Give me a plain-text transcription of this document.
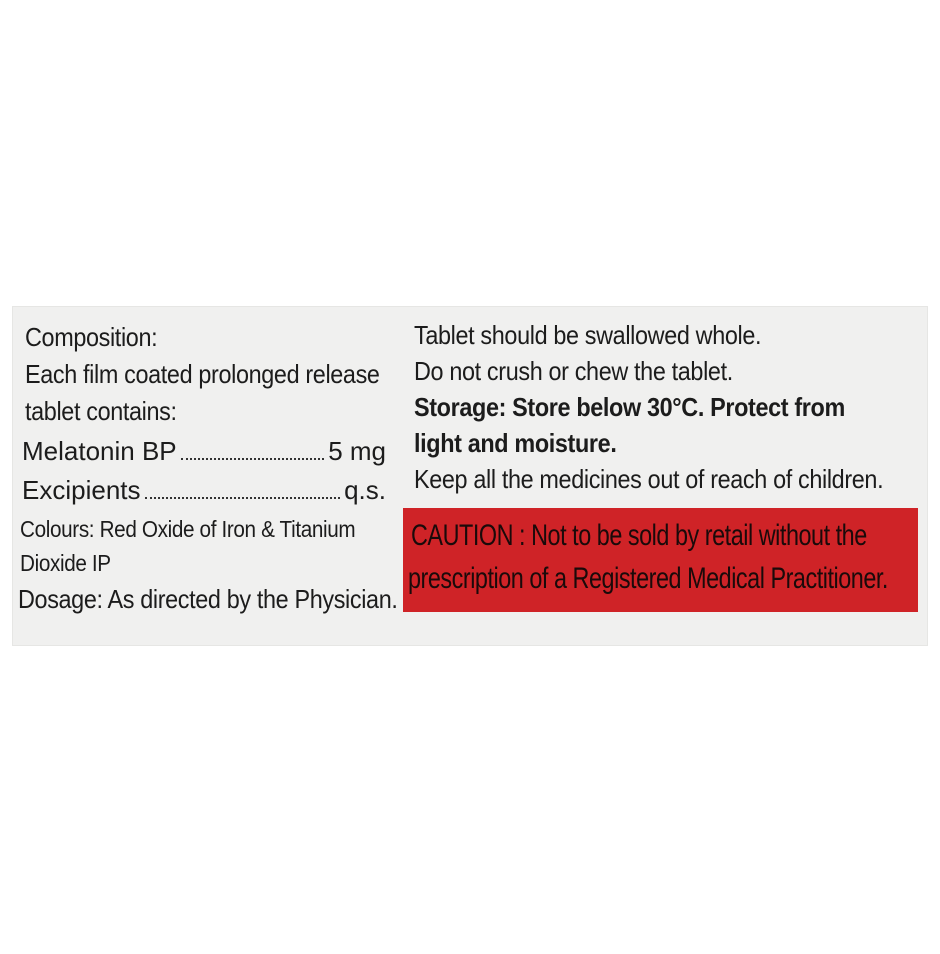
Composition:
Each film coated prolonged release
tablet contains:
Melatonin BP	5 mg
Excipients	q.s.
Colours: Red Oxide of Iron & Titanium
Dioxide IP
Dosage: As directed by the Physician.
Tablet should be swallowed whole.
Do not crush or chew the tablet.
Storage: Store below 30°C. Protect from
light and moisture.
Keep all the medicines out of reach of children.
CAUTION : Not to be sold by retail without the
prescription of a Registered Medical Practitioner.
